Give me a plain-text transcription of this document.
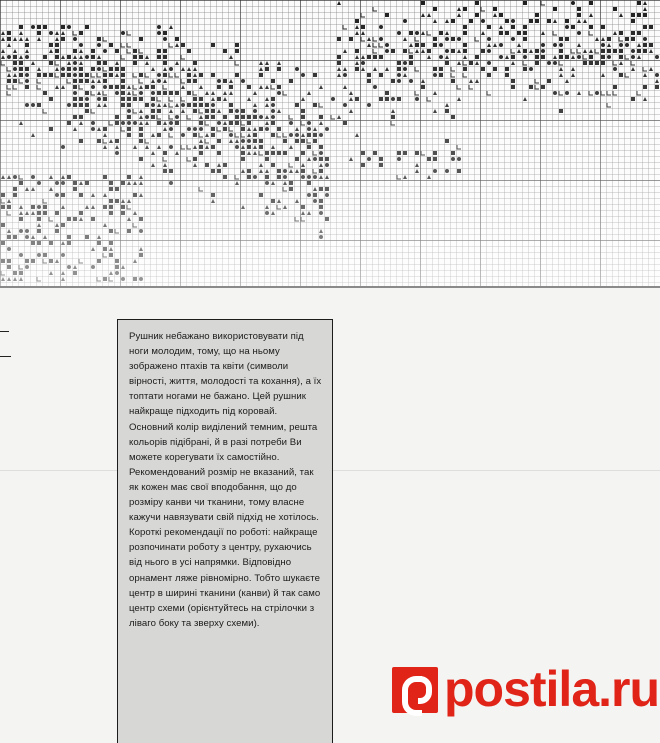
Рушник небажано використовувати під ноги молодим, тому, що на ньому зображено птахів та квіти (символи вірності, життя, молодості та кохання), а їх топтати ногами не бажано. Цей рушник найкраще підходить під коровай.

Основний колір виділений темним, решта кольорів підібрані, й в разі потреби Ви можете корегувати їх самостійно.

Рекомендований розмір не вказаний, так як кожен має свої вподобання, що до розміру канви чи тканини, тому власне кажучи навязувати свій підхід не хотілось.

Короткі рекомендації по роботі: найкраще розпочинати роботу з центру, рухаючись від нього в усі напрямки. Відповідно орнамент ляже рівномірно. Тобто шукаєте центр в ширині тканини (канви) й так само центр схеми (орієнтуйтесь на стрілочки з ліваго боку та зверху схеми).

postila.ru
